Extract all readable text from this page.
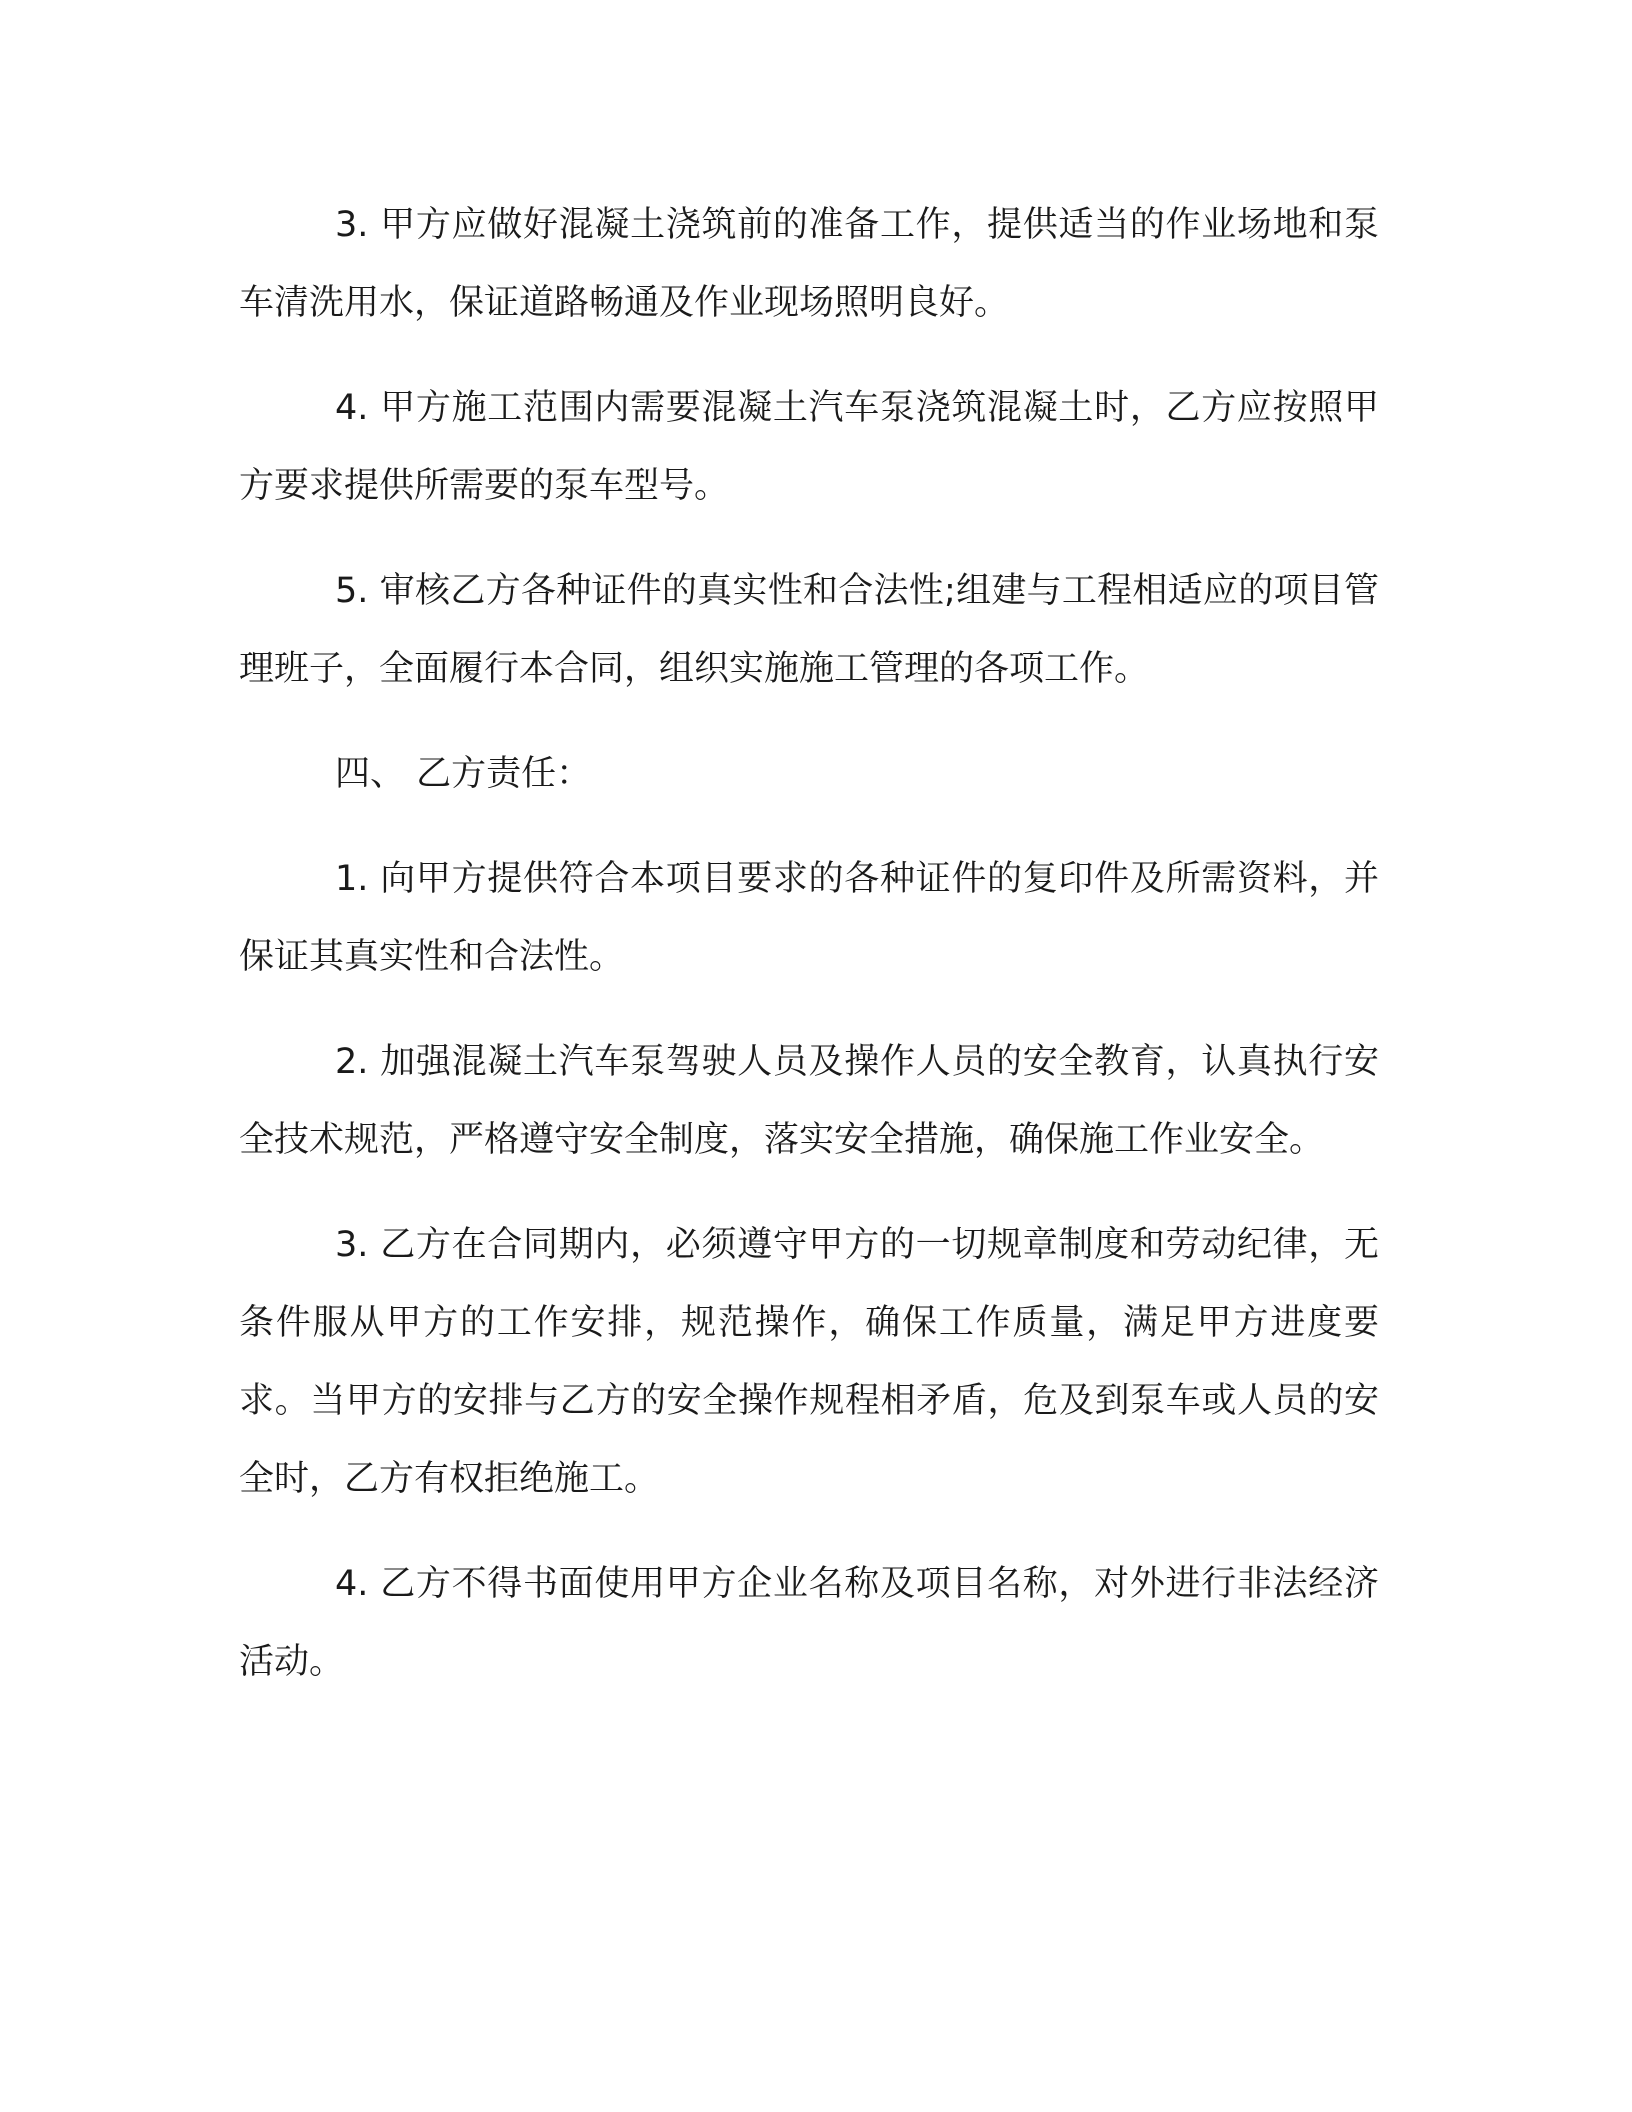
3. 甲方应做好混凝土浇筑前的准备工作，提供适当的作业场地和泵车清洗用水，保证道路畅通及作业现场照明良好。

4. 甲方施工范围内需要混凝土汽车泵浇筑混凝土时，乙方应按照甲方要求提供所需要的泵车型号。

5. 审核乙方各种证件的真实性和合法性;组建与工程相适应的项目管理班子，全面履行本合同，组织实施施工管理的各项工作。

四、 乙方责任：

1. 向甲方提供符合本项目要求的各种证件的复印件及所需资料，并保证其真实性和合法性。

2. 加强混凝土汽车泵驾驶人员及操作人员的安全教育，认真执行安全技术规范，严格遵守安全制度，落实安全措施，确保施工作业安全。

3. 乙方在合同期内，必须遵守甲方的一切规章制度和劳动纪律，无条件服从甲方的工作安排，规范操作，确保工作质量，满足甲方进度要求。当甲方的安排与乙方的安全操作规程相矛盾，危及到泵车或人员的安全时，乙方有权拒绝施工。

4. 乙方不得书面使用甲方企业名称及项目名称，对外进行非法经济活动。
